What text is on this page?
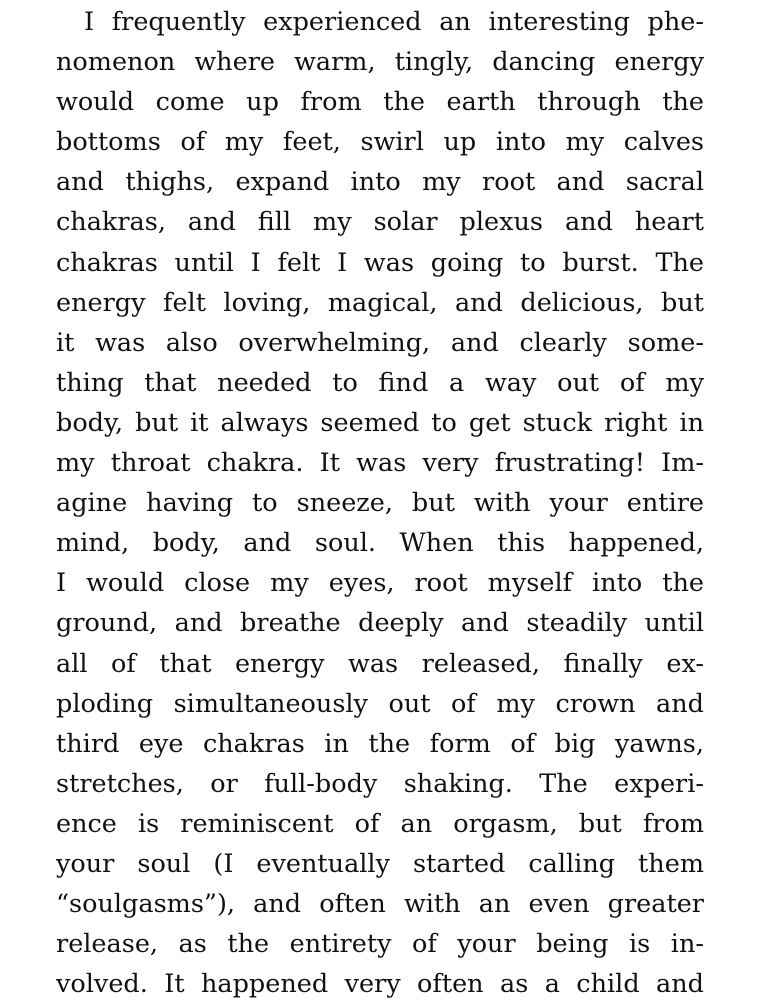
I frequently experienced an interesting phe-
nomenon where warm, tingly, dancing energy
would come up from the earth through the
bottoms of my feet, swirl up into my calves
and thighs, expand into my root and sacral
chakras, and fill my solar plexus and heart
chakras until I felt I was going to burst. The
energy felt loving, magical, and delicious, but
it was also overwhelming, and clearly some-
thing that needed to find a way out of my
body, but it always seemed to get stuck right in
my throat chakra. It was very frustrating! Im-
agine having to sneeze, but with your entire
mind, body, and soul. When this happened,
I would close my eyes, root myself into the
ground, and breathe deeply and steadily until
all of that energy was released, finally ex-
ploding simultaneously out of my crown and
third eye chakras in the form of big yawns,
stretches, or full-body shaking. The experi-
ence is reminiscent of an orgasm, but from
your soul (I eventually started calling them
“soulgasms”), and often with an even greater
release, as the entirety of your being is in-
volved. It happened very often as a child and
